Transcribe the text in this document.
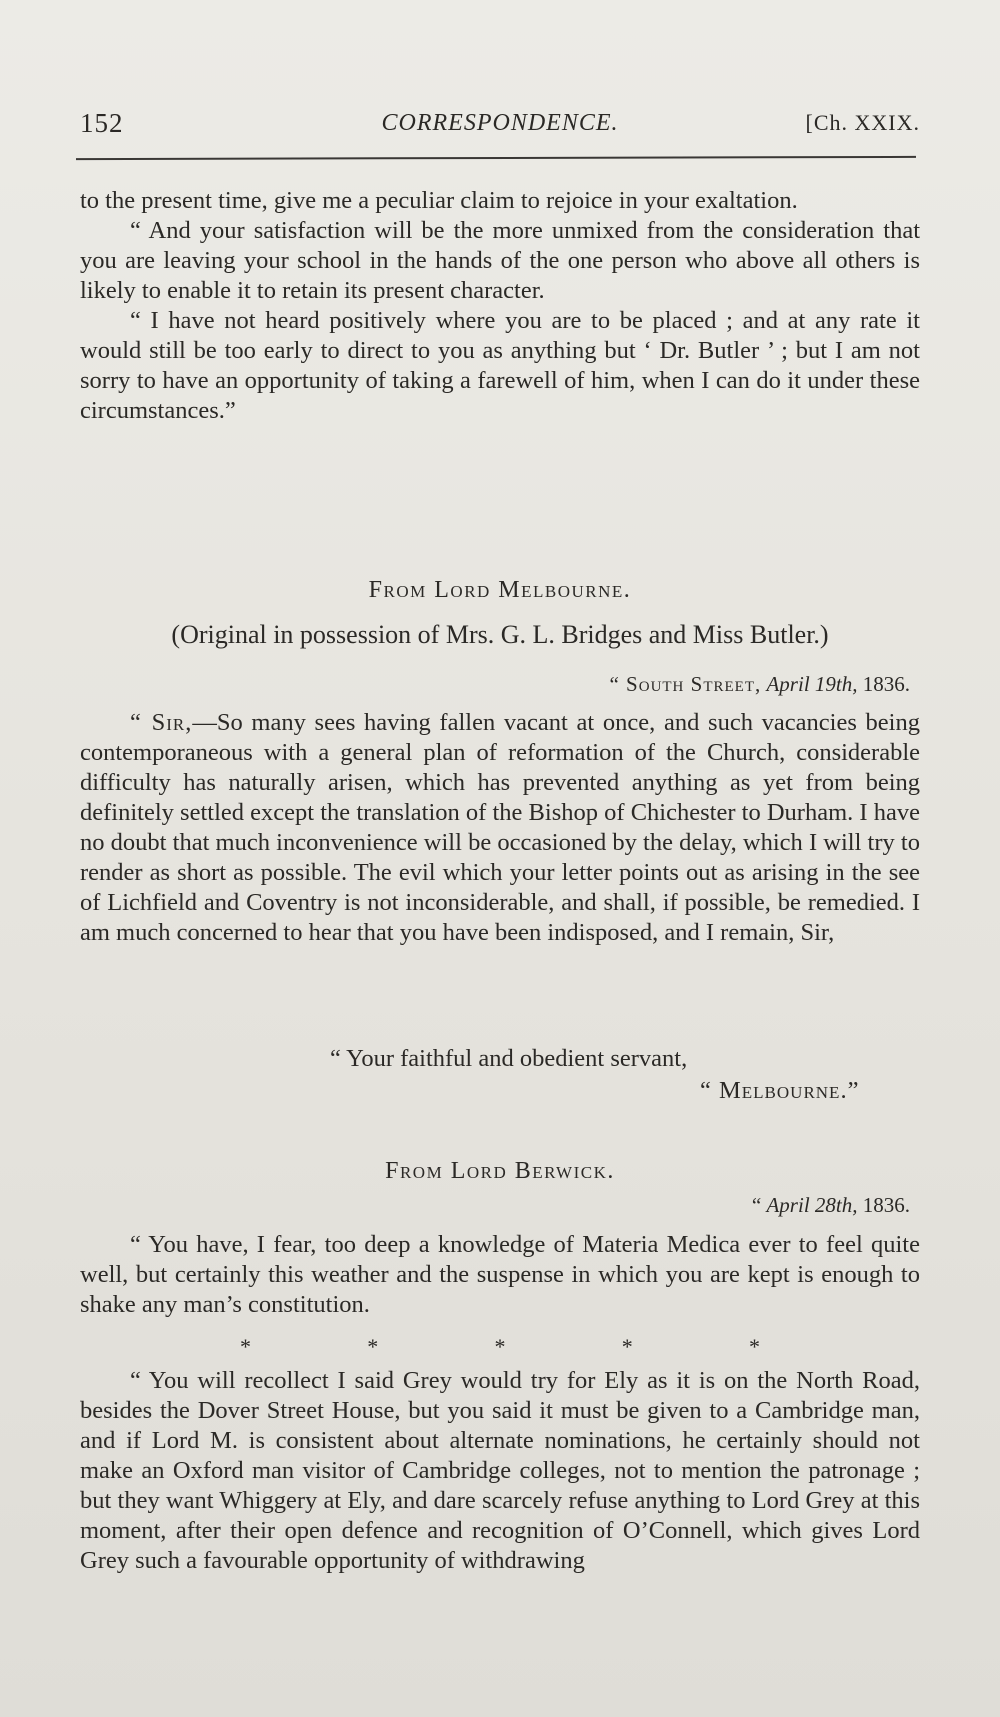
152	CORRESPONDENCE.	[Ch. XXIX.

to the present time, give me a peculiar claim to rejoice in your exaltation.

“ And your satisfaction will be the more unmixed from the consideration that you are leaving your school in the hands of the one person who above all others is likely to enable it to retain its present character.

“ I have not heard positively where you are to be placed ; and at any rate it would still be too early to direct to you as anything but ‘ Dr. Butler ’ ; but I am not sorry to have an opportunity of taking a farewell of him, when I can do it under these circumstances.”

From Lord Melbourne.
(Original in possession of Mrs. G. L. Bridges and Miss Butler.)
“ South Street, April 19th, 1836.

“ Sir,—So many sees having fallen vacant at once, and such vacancies being contemporaneous with a general plan of reformation of the Church, considerable difficulty has naturally arisen, which has prevented anything as yet from being definitely settled except the translation of the Bishop of Chichester to Durham. I have no doubt that much inconvenience will be occasioned by the delay, which I will try to render as short as possible. The evil which your letter points out as arising in the see of Lichfield and Coventry is not inconsiderable, and shall, if possible, be remedied. I am much concerned to hear that you have been indisposed, and I remain, Sir,

“ Your faithful and obedient servant,
“ Melbourne.”
From Lord Berwick.
“ April 28th, 1836.

“ You have, I fear, too deep a knowledge of Materia Medica ever to feel quite well, but certainly this weather and the suspense in which you are kept is enough to shake any man’s constitution.

*	*	*	*	*

“ You will recollect I said Grey would try for Ely as it is on the North Road, besides the Dover Street House, but you said it must be given to a Cambridge man, and if Lord M. is consistent about alternate nominations, he certainly should not make an Oxford man visitor of Cambridge colleges, not to mention the patronage ; but they want Whiggery at Ely, and dare scarcely refuse anything to Lord Grey at this moment, after their open defence and recognition of O’Connell, which gives Lord Grey such a favourable opportunity of withdrawing
